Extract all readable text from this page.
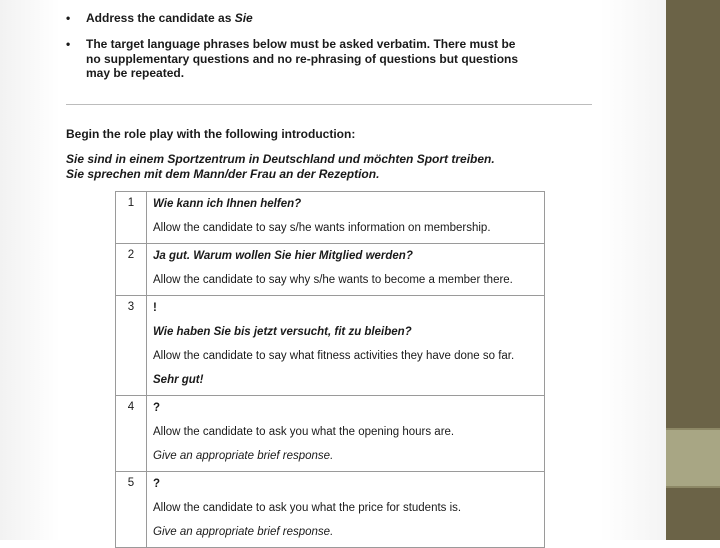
• Address the candidate as Sie
• The target language phrases below must be asked verbatim. There must be no supplementary questions and no re-phrasing of questions but questions may be repeated.
Begin the role play with the following introduction:
Sie sind in einem Sportzentrum in Deutschland und möchten Sport treiben.
Sie sprechen mit dem Mann/der Frau an der Rezeption.
1	Wie kann ich Ihnen helfen?
Allow the candidate to say s/he wants information on membership.

2	Ja gut. Warum wollen Sie hier Mitglied werden?
Allow the candidate to say why s/he wants to become a member there.

3	!
Wie haben Sie bis jetzt versucht, fit zu bleiben?
Allow the candidate to say what fitness activities they have done so far.
Sehr gut!

4	?
Allow the candidate to ask you what the opening hours are.
Give an appropriate brief response.

5	?
Allow the candidate to ask you what the price for students is.
Give an appropriate brief response.
